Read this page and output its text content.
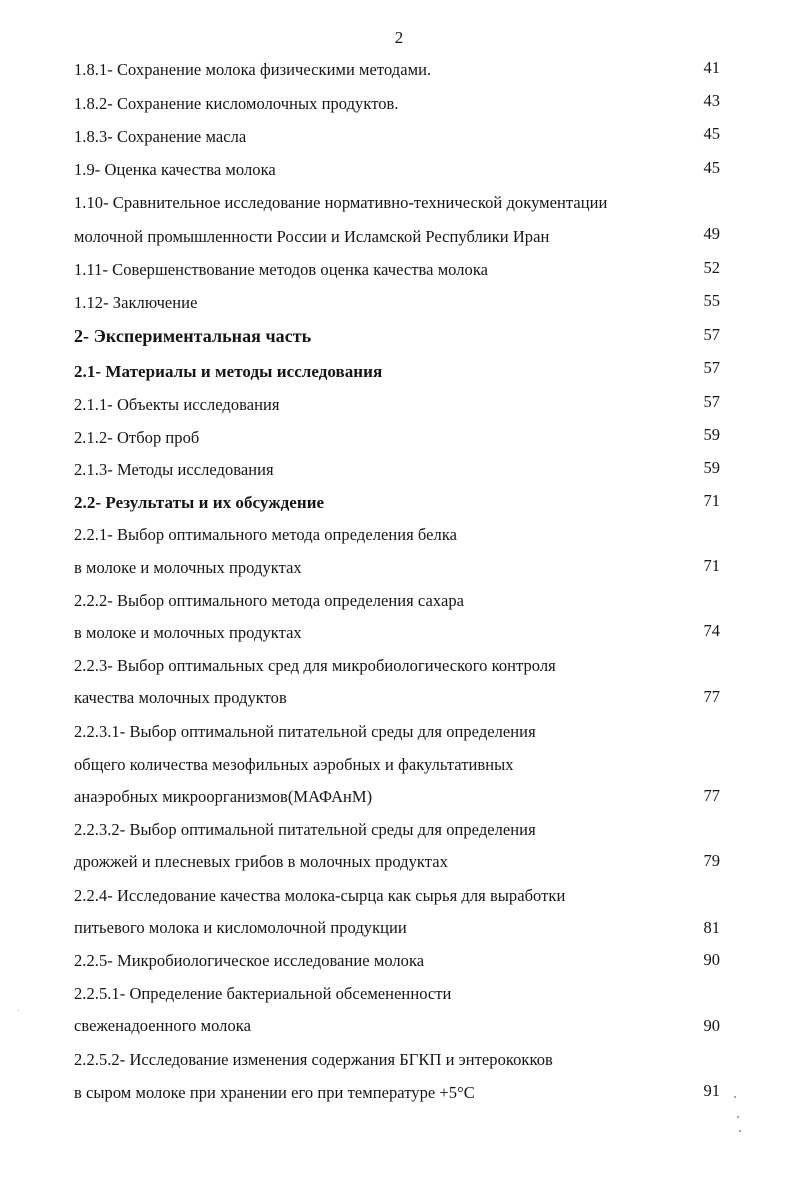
2
1.8.1- Сохранение молока физическими методами.	41
1.8.2- Сохранение кисломолочных продуктов.	43
1.8.3- Сохранение масла	45
1.9- Оценка качества молока	45
1.10- Сравнительное исследование нормативно-технической документации
молочной промышленности России и Исламской Республики Иран	49
1.11- Совершенствование методов оценка качества молока	52
1.12- Заключение	55
2- Экспериментальная часть	57
2.1- Материалы и методы исследования	57
2.1.1- Объекты исследования	57
2.1.2- Отбор проб	59
2.1.3- Методы исследования	59
2.2- Результаты и их обсуждение	71
2.2.1- Выбор оптимального метода определения белка
в молоке и молочных продуктах	71
2.2.2- Выбор оптимального метода определения сахара
в молоке и молочных продуктах	74
2.2.3- Выбор оптимальных сред для микробиологического контроля
качества молочных продуктов	77
2.2.3.1- Выбор оптимальной питательной среды для определения
общего количества мезофильных аэробных и факультативных
анаэробных микроорганизмов(МАФАнМ)	77
2.2.3.2- Выбор оптимальной питательной среды для определения
дрожжей и плесневых грибов в молочных продуктах	79
2.2.4- Исследование качества молока-сырца как сырья для выработки
питьевого молока и кисломолочной продукции	81
2.2.5- Микробиологическое исследование молока	90
2.2.5.1- Определение бактериальной обсемененности
свеженадоенного молока	90
2.2.5.2- Исследование изменения содержания БГКП и энтерококков
в сыром молоке при хранении его при температуре +5°С	91
